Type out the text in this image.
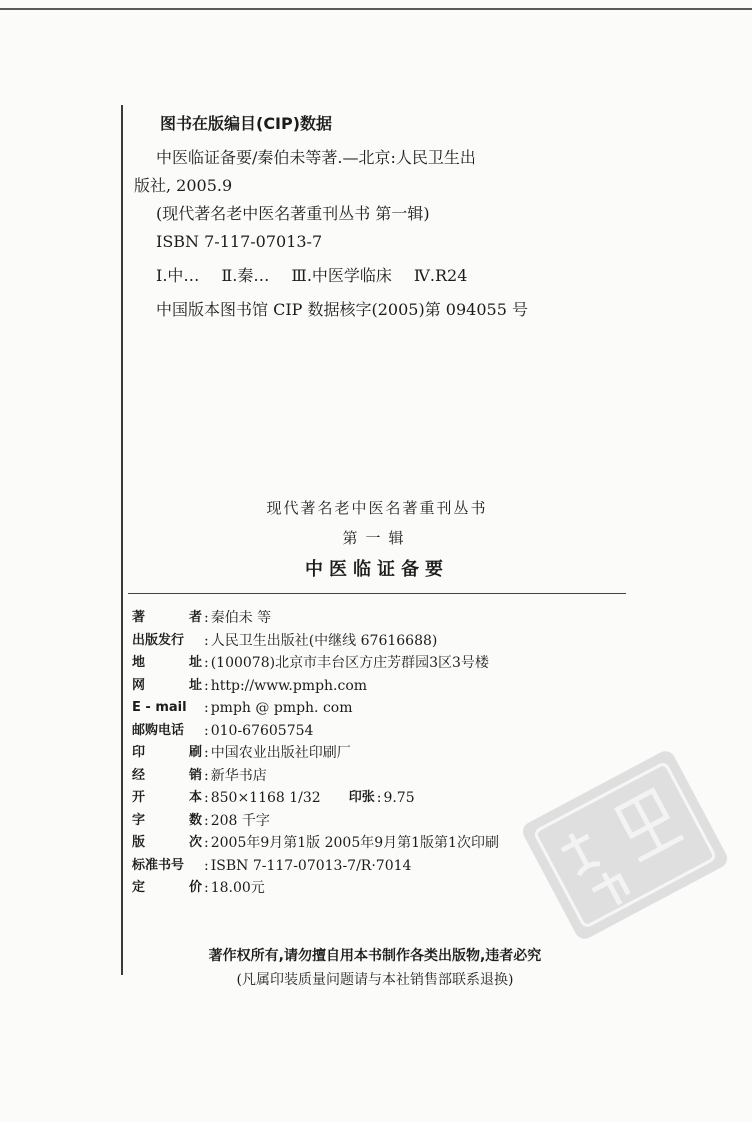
图书在版编目(CIP)数据
中医临证备要/秦伯未等著.—北京:人民卫生出
版社, 2005.9
(现代著名老中医名著重刊丛书 第一辑)
ISBN 7-117-07013-7
Ⅰ.中… Ⅱ.秦… Ⅲ.中医学临床 Ⅳ.R24
中国版本图书馆 CIP 数据核字(2005)第 094055 号
现代著名老中医名著重刊丛书
第一辑
中医临证备要
著	者 : 秦伯未 等
出版发行	: 人民卫生出版社(中继线 67616688)
地	址 : (100078)北京市丰台区方庄芳群园3区3号楼
网	址 : http://www.pmph.com
E - mail	: pmph @ pmph. com
邮购电话	: 010-67605754
印	刷 : 中国农业出版社印刷厂
经	销 : 新华书店
开	本 : 850×1168 1/32	印张 : 9.75
字	数 : 208 千字
版	次 : 2005年9月第1版 2005年9月第1版第1次印刷
标准书号	: ISBN 7-117-07013-7/R·7014
定	价 : 18.00元
著作权所有,请勿擅自用本书制作各类出版物,违者必究
(凡属印装质量问题请与本社销售部联系退换)
